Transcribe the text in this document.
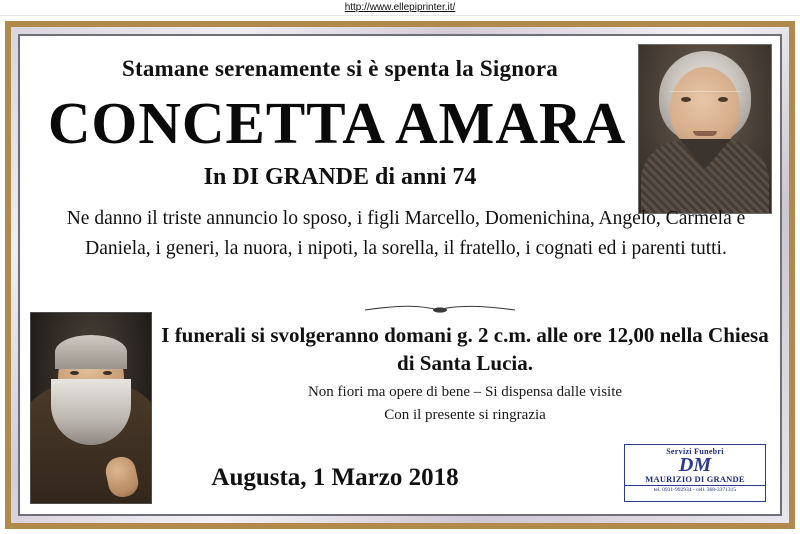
http://www.ellepiprinter.it/
Stamane serenamente si è spenta la Signora
CONCETTA AMARA
In DI GRANDE di anni 74
Ne danno il triste annuncio lo sposo, i figli Marcello, Domenichina, Angelo, Carmela e Daniela, i generi, la nuora, i nipoti, la sorella, il fratello, i cognati ed i parenti tutti.
I funerali si svolgeranno domani g. 2 c.m. alle ore 12,00 nella Chiesa di Santa Lucia.
Non fiori ma opere di bene – Si dispensa dalle visite
Con il presente si ringrazia
Augusta, 1 Marzo 2018
Servizi Funebri
DM
MAURIZIO DI GRANDE
tel. 0931-992934 - cell. 368-3371315
